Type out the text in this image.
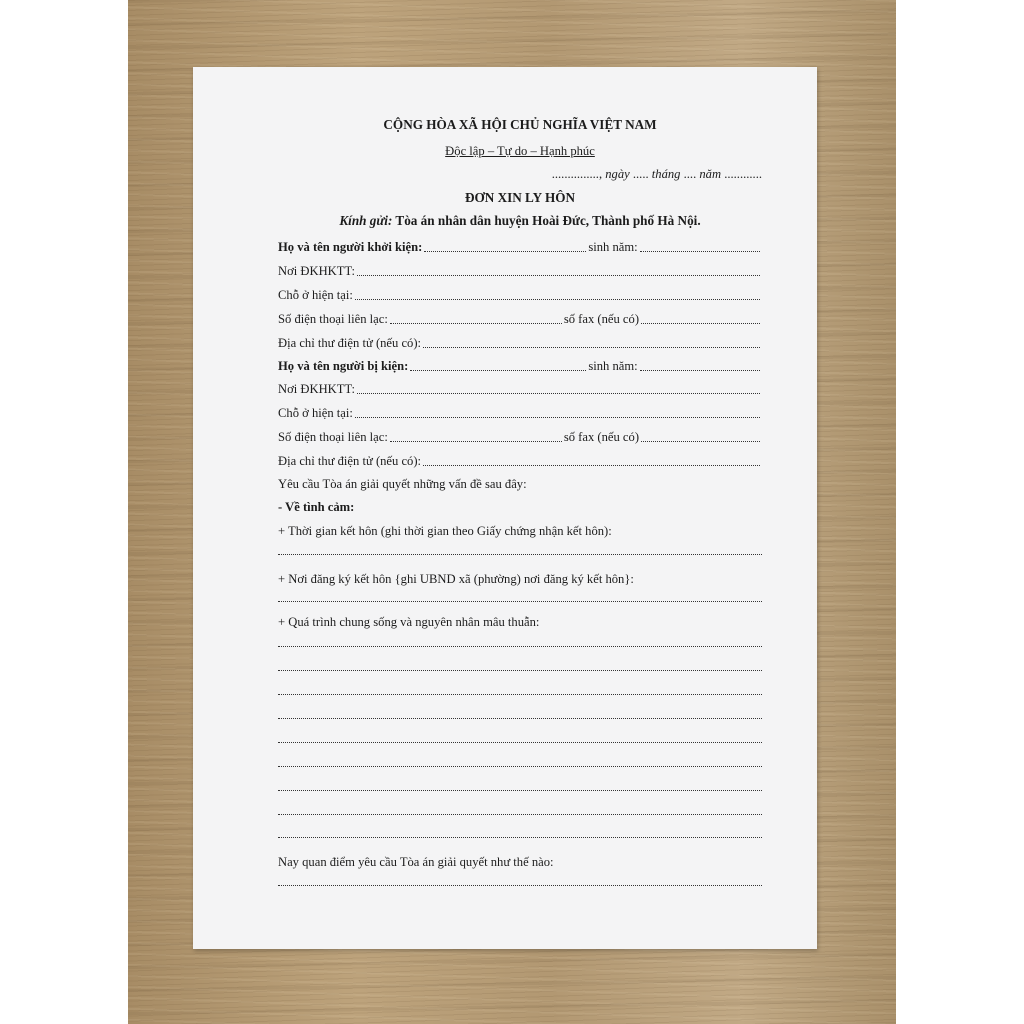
CỘNG HÒA XÃ HỘI CHỦ NGHĨA VIỆT NAM
Độc lập – Tự do – Hạnh phúc
..............., ngày ..... tháng .... năm ............
ĐƠN XIN LY HÔN
Kính gửi: Tòa án nhân dân huyện Hoài Đức, Thành phố Hà Nội.
Họ và tên người khởi kiện:	sinh năm:
Nơi ĐKHKTT:
Chỗ ở hiện tại:
Số điện thoại liên lạc:	số fax (nếu có)
Địa chỉ thư điện tử (nếu có):
Họ và tên người bị kiện:	sinh năm:
Nơi ĐKHKTT:
Chỗ ở hiện tại:
Số điện thoại liên lạc:	số fax (nếu có)
Địa chỉ thư điện tử (nếu có):
Yêu cầu Tòa án giải quyết những vấn đề sau đây:
- Về tình cảm:
+ Thời gian kết hôn (ghi thời gian theo Giấy chứng nhận kết hôn):
+ Nơi đăng ký kết hôn {ghi UBND xã (phường) nơi đăng ký kết hôn}:
+ Quá trình chung sống và nguyên nhân mâu thuẫn:
Nay quan điểm yêu cầu Tòa án giải quyết như thế nào:
